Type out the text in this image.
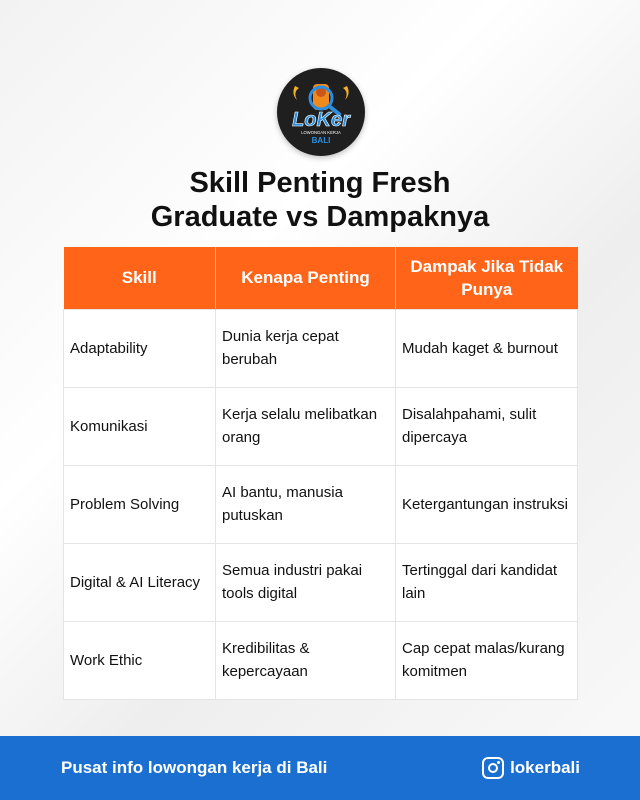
LoKer
LOWONGAN KERJA
BALI
Skill Penting Fresh
Graduate vs Dampaknya
Skill	Kenapa Penting	Dampak Jika Tidak Punya
Adaptability	Dunia kerja cepat berubah	Mudah kaget & burnout
Komunikasi	Kerja selalu melibatkan orang	Disalahpahami, sulit dipercaya
Problem Solving	AI bantu, manusia putuskan	Ketergantungan instruksi
Digital & AI Literacy	Semua industri pakai tools digital	Tertinggal dari kandidat lain
Work Ethic	Kredibilitas & kepercayaan	Cap cepat malas/kurang komitmen
Pusat info lowongan kerja di Bali	lokerbali
